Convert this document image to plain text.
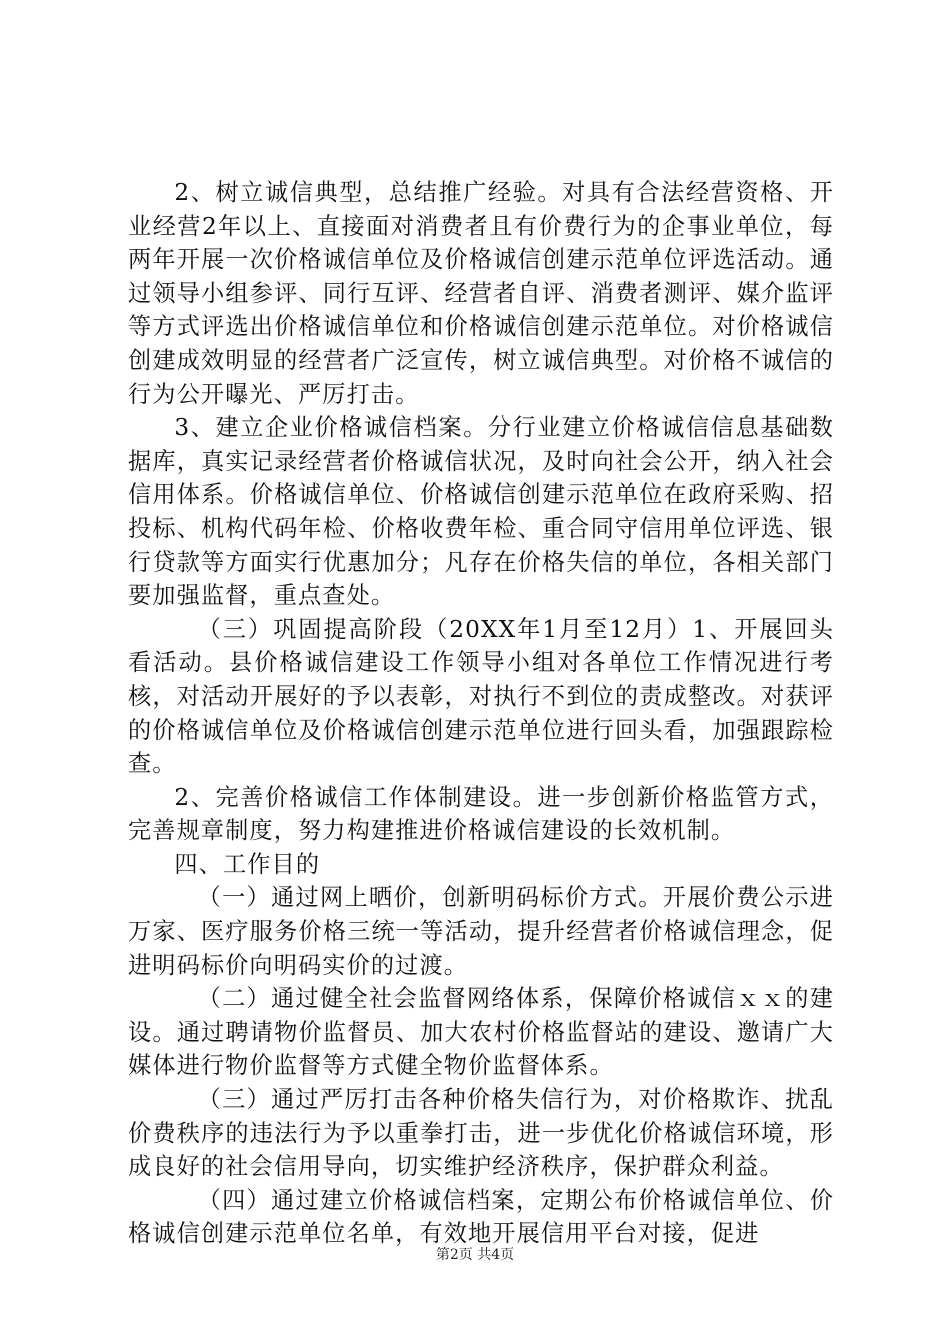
2、树立诚信典型，总结推广经验。对具有合法经营资格、开业经营2年以上、直接面对消费者且有价费行为的企事业单位，每两年开展一次价格诚信单位及价格诚信创建示范单位评选活动。通过领导小组参评、同行互评、经营者自评、消费者测评、媒介监评等方式评选出价格诚信单位和价格诚信创建示范单位。对价格诚信创建成效明显的经营者广泛宣传，树立诚信典型。对价格不诚信的行为公开曝光、严厉打击。

3、建立企业价格诚信档案。分行业建立价格诚信信息基础数据库，真实记录经营者价格诚信状况，及时向社会公开，纳入社会信用体系。价格诚信单位、价格诚信创建示范单位在政府采购、招投标、机构代码年检、价格收费年检、重合同守信用单位评选、银行贷款等方面实行优惠加分；凡存在价格失信的单位，各相关部门要加强监督，重点查处。

（三）巩固提高阶段（20XX年1月至12月）1、开展回头看活动。县价格诚信建设工作领导小组对各单位工作情况进行考核，对活动开展好的予以表彰，对执行不到位的责成整改。对获评的价格诚信单位及价格诚信创建示范单位进行回头看，加强跟踪检查。

2、完善价格诚信工作体制建设。进一步创新价格监管方式，完善规章制度，努力构建推进价格诚信建设的长效机制。

四、工作目的

（一）通过网上晒价，创新明码标价方式。开展价费公示进万家、医疗服务价格三统一等活动，提升经营者价格诚信理念，促进明码标价向明码实价的过渡。

（二）通过健全社会监督网络体系，保障价格诚信ｘｘ的建设。通过聘请物价监督员、加大农村价格监督站的建设、邀请广大媒体进行物价监督等方式健全物价监督体系。

（三）通过严厉打击各种价格失信行为，对价格欺诈、扰乱价费秩序的违法行为予以重拳打击，进一步优化价格诚信环境，形成良好的社会信用导向，切实维护经济秩序，保护群众利益。

（四）通过建立价格诚信档案，定期公布价格诚信单位、价格诚信创建示范单位名单，有效地开展信用平台对接，促进

第2页 共4页
